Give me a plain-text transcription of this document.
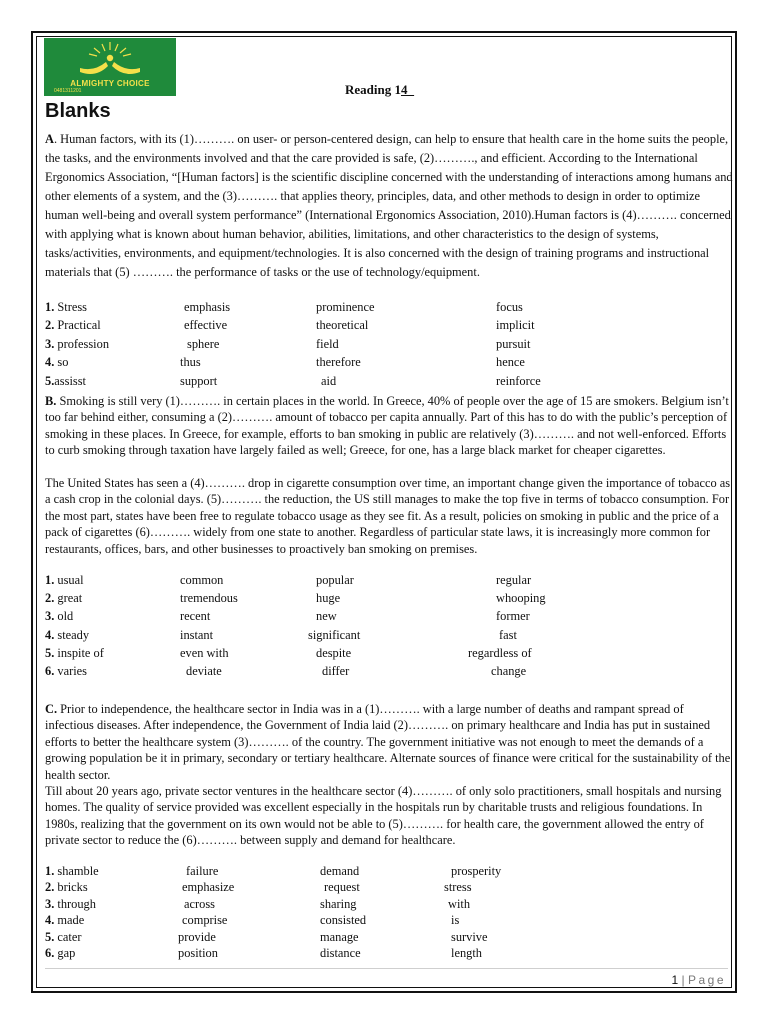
ALMIGHTY CHOICE
0481311201	Reading 14_
Blanks
A. Human factors, with its (1)………. on user- or person-centered design, can help to ensure that health care in the home suits the people, the tasks, and the environments involved and that the care provided is safe, (2)………., and efficient. According to the International Ergonomics Association, “[Human factors] is the scientific discipline concerned with the understanding of interactions among humans and other elements of a system, and the (3)………. that applies theory, principles, data, and other methods to design in order to optimize human well-being and overall system performance” (International Ergonomics Association, 2010).Human factors is (4)………. concerned with applying what is known about human behavior, abilities, limitations, and other characteristics to the design of systems, tasks/activities, environments, and equipment/technologies. It is also concerned with the design of training programs and instructional materials that (5) ………. the performance of tasks or the use of technology/equipment.
1. Stress	emphasis	prominence	focus
2. Practical	effective	theoretical	implicit
3. profession	sphere	field	pursuit
4. so	thus	therefore	hence
5.assisst	support	aid	reinforce
B. Smoking is still very (1)………. in certain places in the world. In Greece, 40% of people over the age of 15 are smokers. Belgium isn’t too far behind either, consuming a (2)………. amount of tobacco per capita annually. Part of this has to do with the public’s perception of smoking in these places. In Greece, for example, efforts to ban smoking in public are relatively (3)………. and not well-enforced. Efforts to curb smoking through taxation have largely failed as well; Greece, for one, has a large black market for cheaper cigarettes.
The United States has seen a (4)………. drop in cigarette consumption over time, an important change given the importance of tobacco as a cash crop in the colonial days. (5)………. the reduction, the US still manages to make the top five in terms of tobacco consumption. For the most part, states have been free to regulate tobacco usage as they see fit. As a result, policies on smoking in public and the price of a pack of cigarettes (6)………. widely from one state to another. Regardless of particular state laws, it is increasingly more common for restaurants, offices, bars, and other businesses to proactively ban smoking on premises.
1. usual	common	popular	regular
2. great	tremendous	huge	whooping
3. old	recent	new	former
4. steady	instant	significant	fast
5. inspite of	even with	despite	regardless of
6. varies	deviate	differ	change
C. Prior to independence, the healthcare sector in India was in a (1)………. with a large number of deaths and rampant spread of infectious diseases. After independence, the Government of India laid (2)………. on primary healthcare and India has put in sustained efforts to better the healthcare system (3)………. of the country. The government initiative was not enough to meet the demands of a growing population be it in primary, secondary or tertiary healthcare. Alternate sources of finance were critical for the sustainability of the health sector.
Till about 20 years ago, private sector ventures in the healthcare sector (4)………. of only solo practitioners, small hospitals and nursing homes. The quality of service provided was excellent especially in the hospitals run by charitable trusts and religious foundations. In 1980s, realizing that the government on its own would not be able to (5)………. for health care, the government allowed the entry of private sector to reduce the (6)………. between supply and demand for healthcare.
1. shamble	failure	demand	prosperity
2. bricks	emphasize	request	stress
3. through	across	sharing	with
4. made	comprise	consisted	is
5. cater	provide	manage	survive
6. gap	position	distance	length
1 | Page
